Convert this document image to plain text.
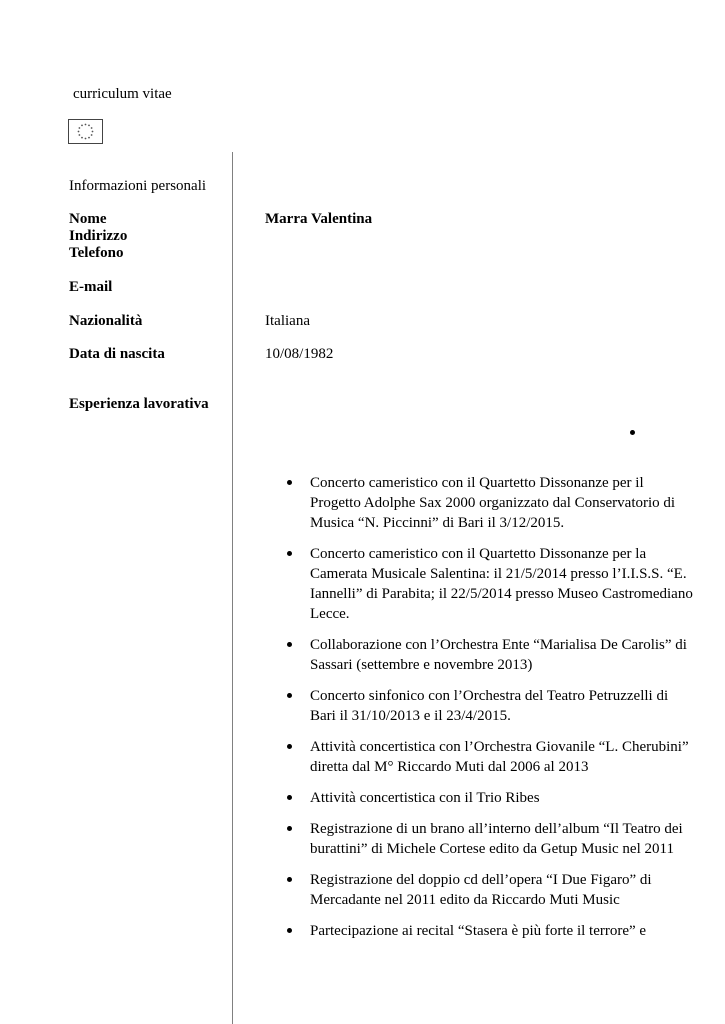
curriculum vitae
Informazioni personali
Nome	Marra Valentina
Indirizzo
Telefono
E-mail
Nazionalità	Italiana
Data di nascita	10/08/1982
Esperienza lavorativa
Concerto cameristico con il Quartetto Dissonanze per il Progetto Adolphe Sax 2000 organizzato dal Conservatorio di Musica “N. Piccinni” di Bari il 3/12/2015.
Concerto cameristico con il Quartetto Dissonanze per la Camerata Musicale Salentina: il 21/5/2014 presso l’I.I.S.S. “E. Iannelli” di Parabita; il 22/5/2014 presso Museo Castromediano Lecce.
Collaborazione con l’Orchestra Ente “Marialisa De Carolis” di Sassari (settembre e novembre 2013)
Concerto sinfonico con l’Orchestra del Teatro Petruzzelli di Bari il 31/10/2013 e il 23/4/2015.
Attività concertistica con l’Orchestra Giovanile “L. Cherubini” diretta dal M° Riccardo Muti dal 2006 al 2013
Attività concertistica con il Trio Ribes
Registrazione di un brano all’interno dell’album “Il Teatro dei burattini” di Michele Cortese edito da Getup Music nel 2011
Registrazione del doppio cd dell’opera “I Due Figaro” di Mercadante nel 2011 edito da Riccardo Muti Music
Partecipazione ai recital “Stasera è più forte il terrore” e
